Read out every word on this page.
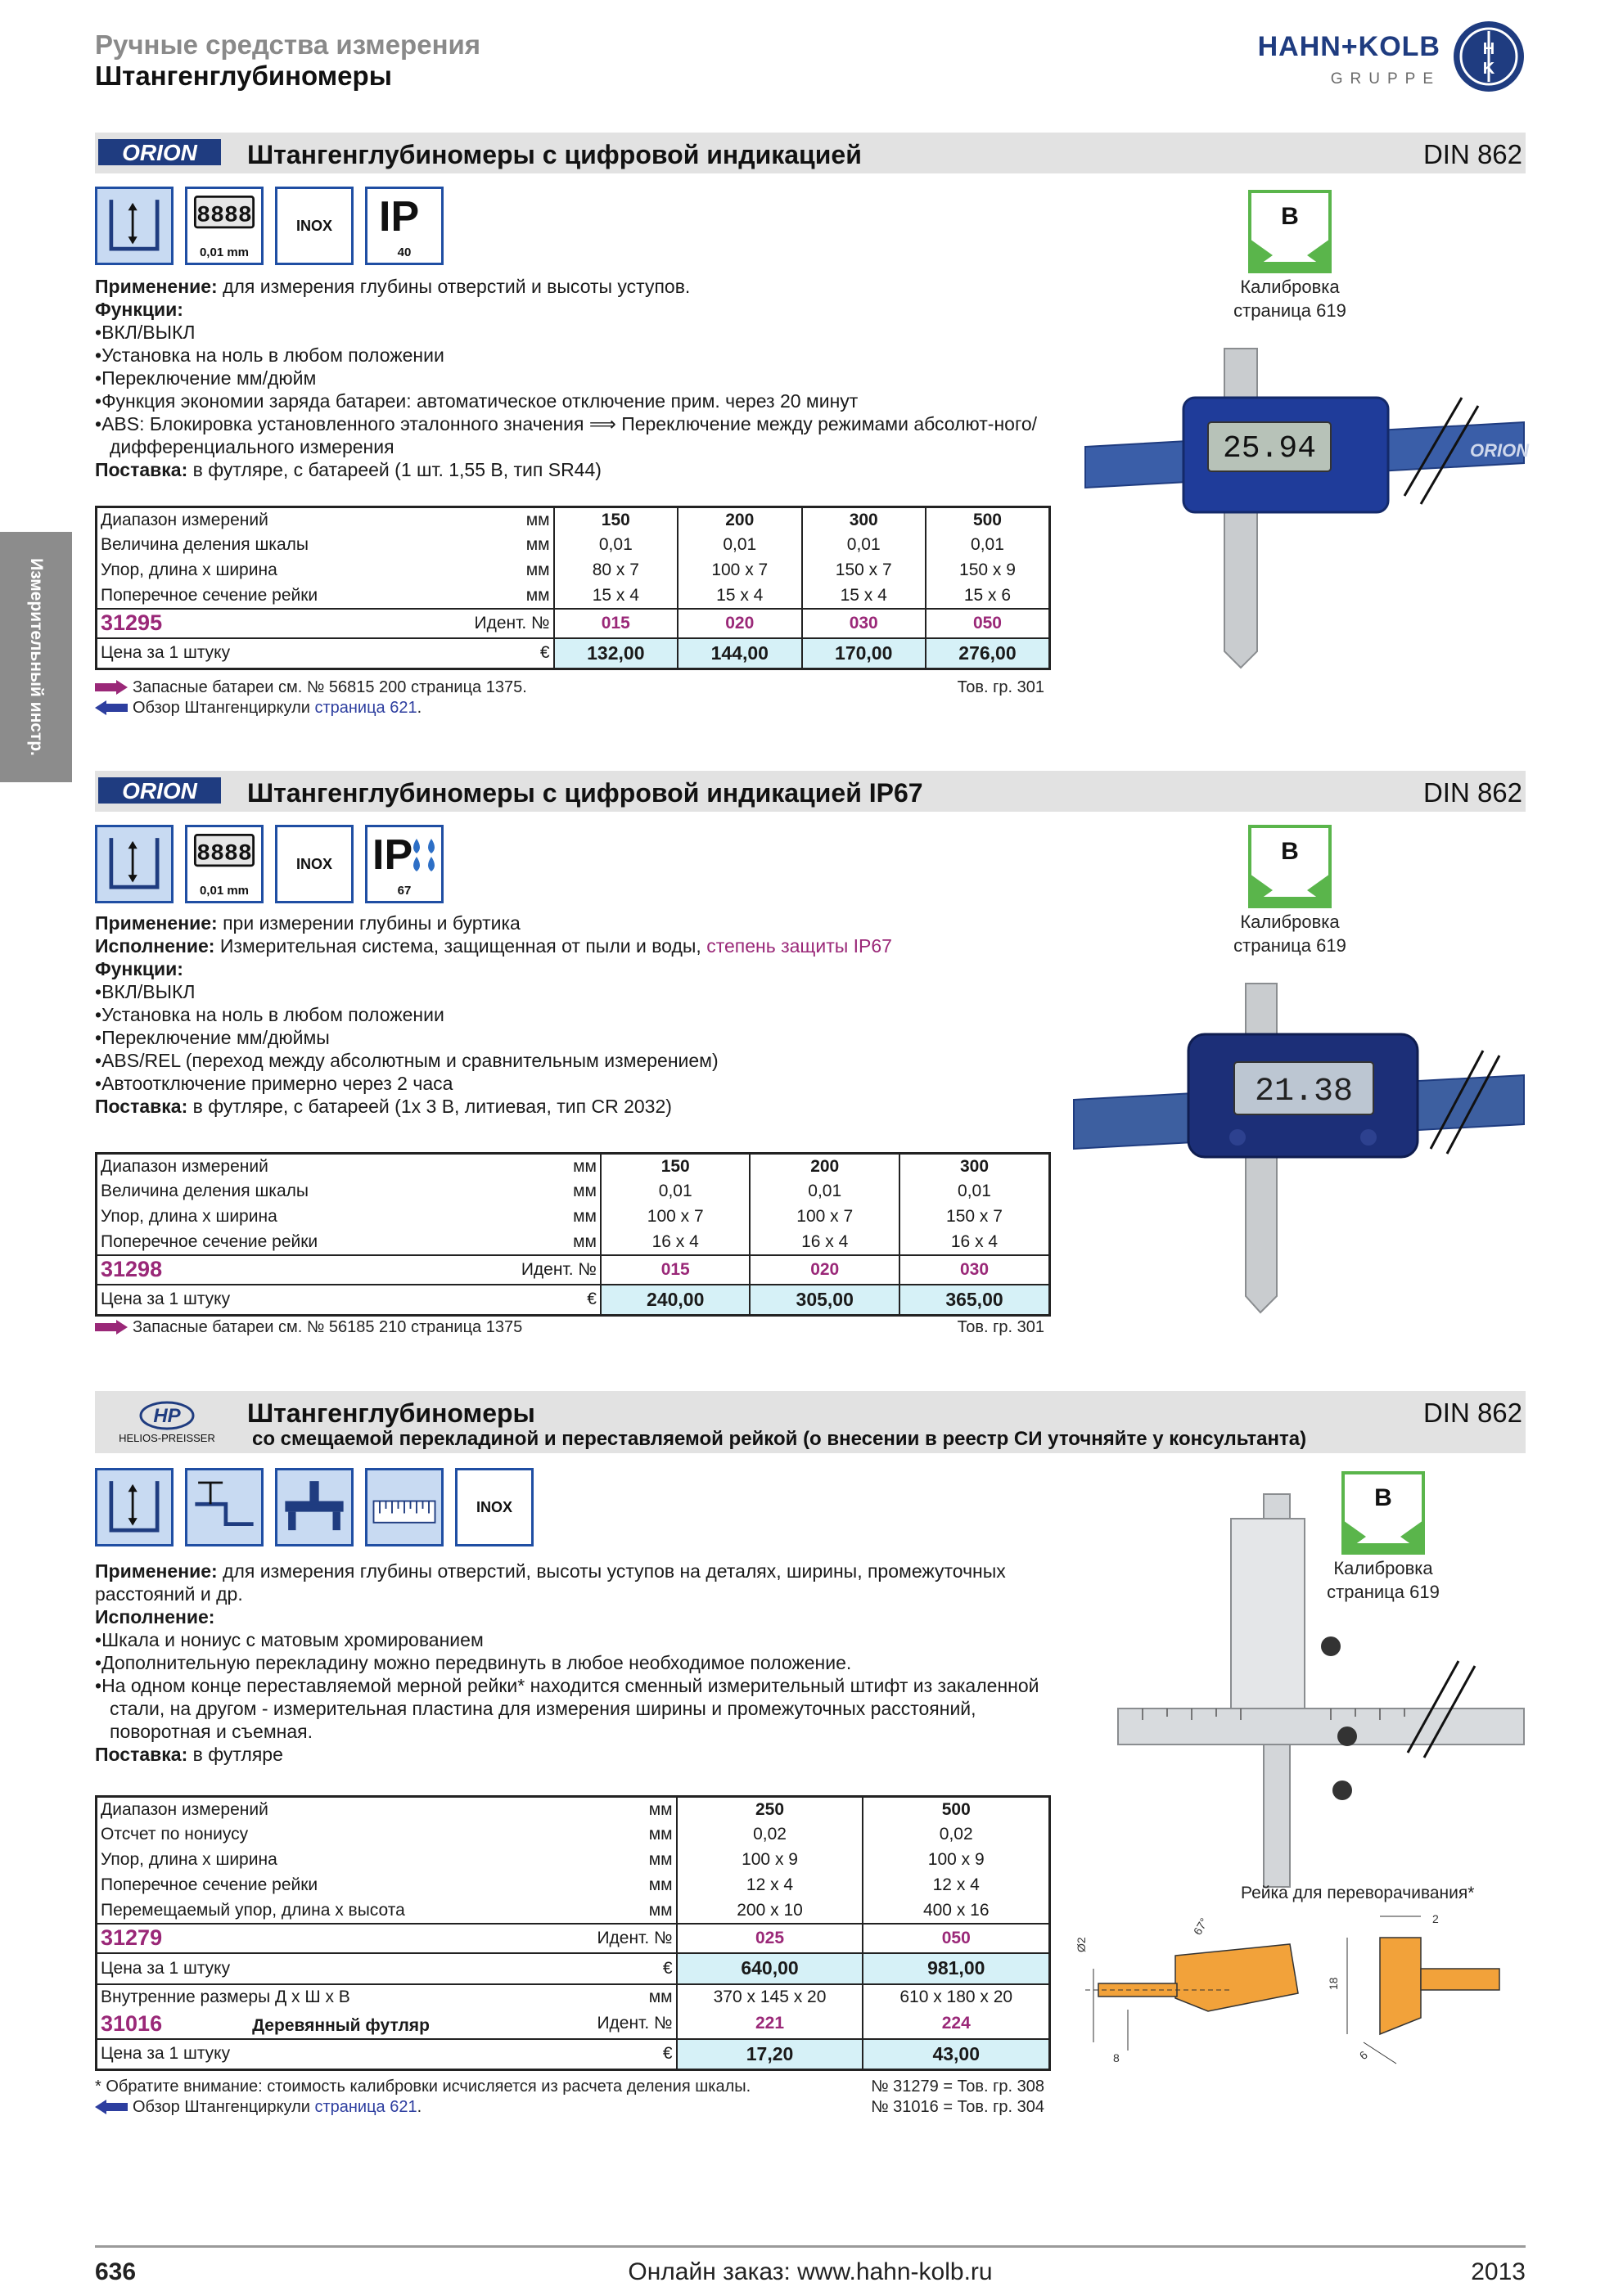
Ручные средства измерения
Штангенглубиномеры
HAHN+KOLB
GRUPPE
H
K
Измерительный инстр.
ORION Штангенглубиномеры с цифровой индикацией	DIN 862
8888
0,01 mm
INOX IP
40
B
Калибровка
страница 619
Применение: для измерения глубины отверстий и высоты уступов.
Функции:
•ВКЛ/ВЫКЛ
•Установка на ноль в любом положении
•Переключение мм/дюйм
•Функция экономии заряда батареи: автоматическое отключение прим. через 20 минут
•ABS: Блокировка установленного эталонного значения ⟹ Переключение между режимами абсолют-ного/дифференциального измерения
Поставка: в футляре, с батареей (1 шт. 1,55 В, тип SR44)
Диапазон измерений	мм	150	200	300	500
Величина деления шкалы	мм	0,01	0,01	0,01	0,01
Упор, длина x ширина	мм	80 x 7	100 x 7	150 x 7	150 x 9
Поперечное сечение рейки	мм	15 x 4	15 x 4	15 x 4	15 x 6
31295	Идент. №	015	020	030	050
Цена за 1 штуку	€	132,00	144,00	170,00	276,00
Запасные батареи см. № 56815 200 страница 1375.	Тов. гр. 301
Обзор Штангенциркули страница 621.
25.94	ORION
ORION Штангенглубиномеры с цифровой индикацией IP67	DIN 862
8888
0,01 mm
INOX IP
67
B
Калибровка
страница 619
Применение: при измерении глубины и буртика
Исполнение: Измерительная система, защищенная от пыли и воды, степень защиты IP67
Функции:
•ВКЛ/ВЫКЛ
•Установка на ноль в любом положении
•Переключение мм/дюймы
•ABS/REL (переход между абсолютным и сравнительным измерением)
•Автоотключение примерно через 2 часа
Поставка: в футляре, с батареей (1x 3 В, литиевая, тип CR 2032)
Диапазон измерений	мм	150	200	300
Величина деления шкалы	мм	0,01	0,01	0,01
Упор, длина x ширина	мм	100 x 7	100 x 7	150 x 7
Поперечное сечение рейки	мм	16 x 4	16 x 4	16 x 4
31298	Идент. №	015	020	030
Цена за 1 штуку	€	240,00	305,00	365,00
Запасные батареи см. № 56185 210 страница 1375	Тов. гр. 301
21.38
HP
HELIOS-PREISSER
Штангенглубиномеры
со смещаемой перекладиной и переставляемой рейкой (о внесении в реестр СИ уточняйте у консультанта)
DIN 862
INOX	B
Калибровка
страница 619
Применение: для измерения глубины отверстий, высоты уступов на деталях, ширины, промежуточных расстояний и др.
Исполнение:
•Шкала и нониус с матовым хромированием
•Дополнительную перекладину можно передвинуть в любое необходимое положение.
•На одном конце переставляемой мерной рейки* находится сменный измерительный штифт из закаленной стали, на другом - измерительная пластина для измерения ширины и промежуточных расстояний, поворотная и съемная.
Поставка: в футляре
Диапазон измерений	мм	250	500
Отсчет по нониусу	мм	0,02	0,02
Упор, длина x ширина	мм	100 x 9	100 x 9
Поперечное сечение рейки	мм	12 x 4	12 x 4
Перемещаемый упор, длина x высота	мм	200 x 10	400 x 16
31279	Идент. №	025	050
Цена за 1 штуку	€	640,00	981,00
Внутренние размеры Д x Ш x В	мм	370 x 145 x 20	610 x 180 x 20
31016 Деревянный футляр	Идент. №	221	224
Цена за 1 штуку	€	17,20	43,00
* Обратите внимание: стоимость калибровки исчисляется из расчета деления шкалы.	№ 31279 = Тов. гр. 308
Обзор Штангенциркули страница 621.	№ 31016 = Тов. гр. 304
Рейка для переворачивания*
Ø2
67°
8
18
2
6
636	Онлайн заказ: www.hahn-kolb.ru	2013
